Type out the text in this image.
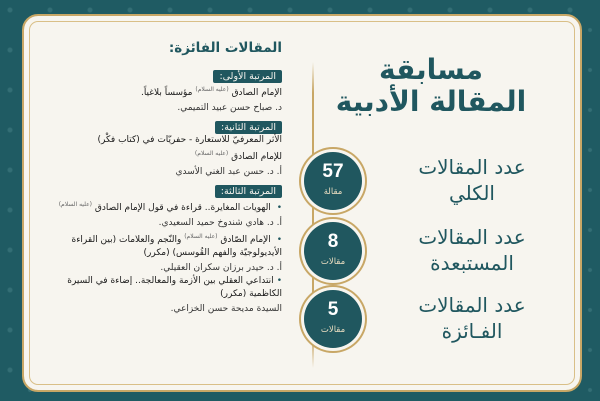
مسابقة
المقالة الأدبية
عدد المقالات
الكلي
57
مقالة
عدد المقالات
المستبعدة
8
مقالات
عدد المقالات
الفـائزة
5
مقالات
المقالات الفائزة:
المرتبة الأولى:
الإمام الصادق $^{(عليه السلام)}$ مؤسساً بلاغياً.
د. صباح حسن عبيد التميمي.
المرتبة الثانية:
الأثر المعرفيّ للاستعارة - حفريّات في (كتاب فكْر)
للإمام الصادق $^{(عليه السلام)}$
أ. د. حسن عبد الغني الأسدي
المرتبة الثالثة:
• الهويات المغايرة.. قراءة في قول الإمام الصادق $^{(عليه السلام)}$
أ. د. هادي شندوخ حميد السعيدي.
• الإمام الصّادق $^{(عليه السلام)}$ والنّجم والعلامات (بين القراءة
الأيديولوجيّة والفهم القُوسس) (مكرر)
أ. د. حيدر برزان سكران العقيلي.
• انتداعي العقلي بين الأزمة والمعالجة.. إضاءة في السيرة
الكاظمية (مكرر)
السيدة مديحة حسن الخزاعي.
